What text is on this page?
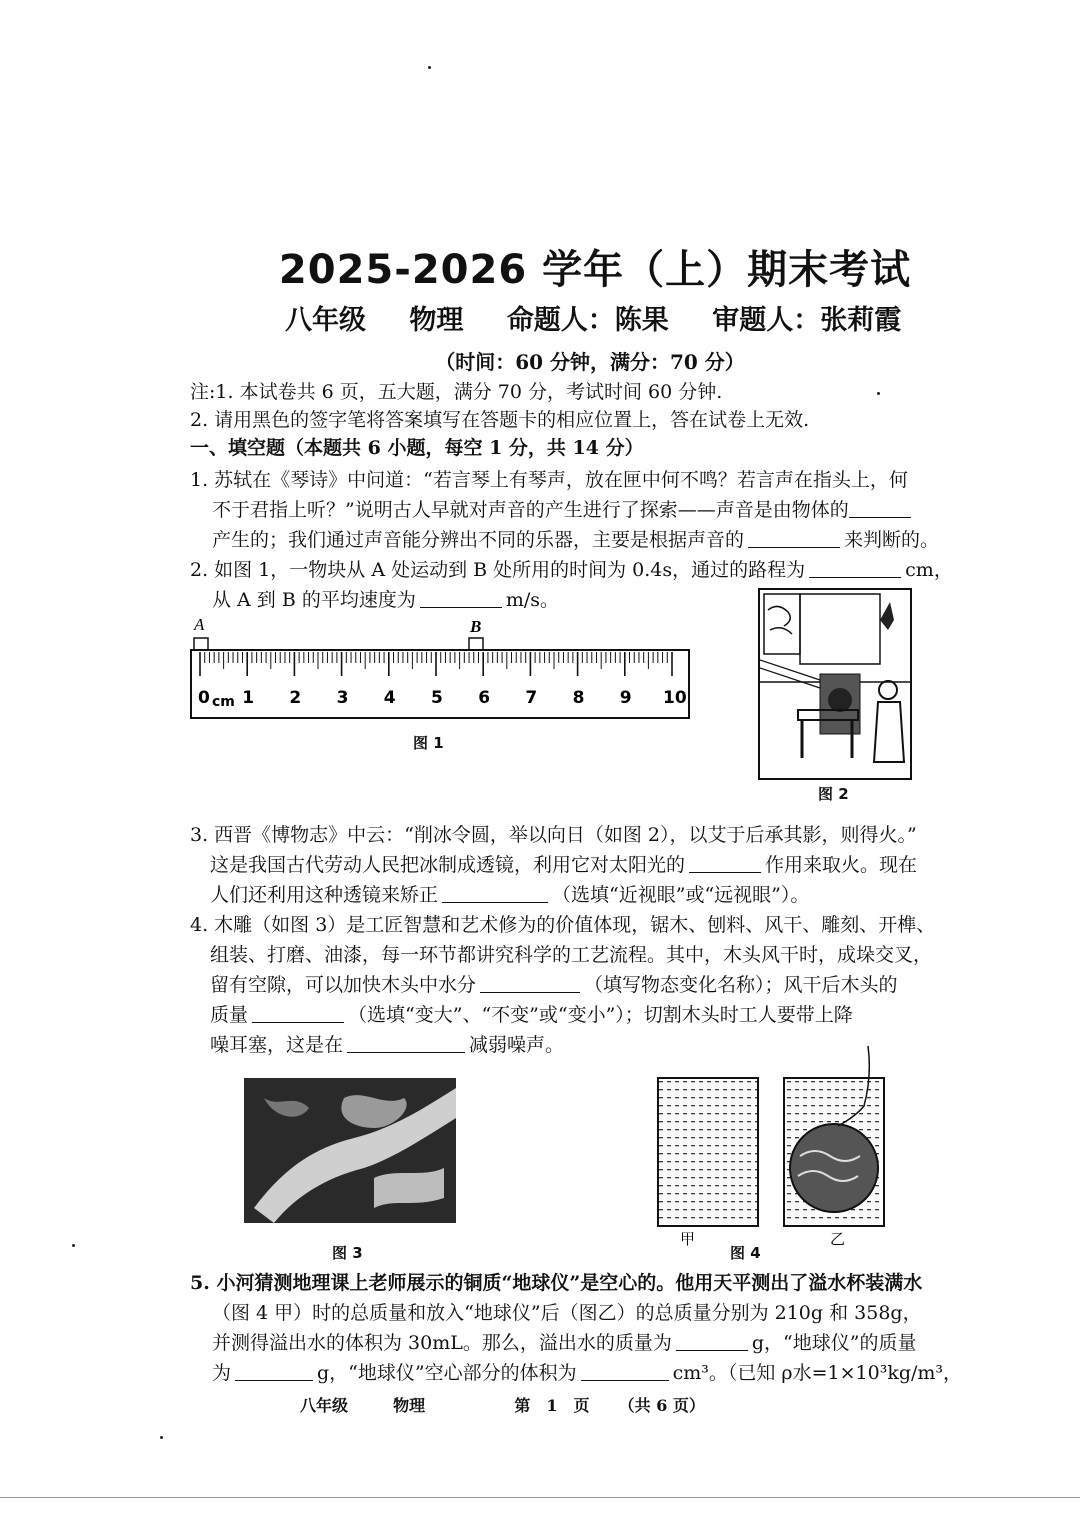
2025-2026 学年（上）期末考试
八年级 物理 命题人：陈果 审题人：张莉霞
（时间：60 分钟，满分：70 分）
注:1. 本试卷共 6 页，五大题，满分 70 分，考试时间 60 分钟.
2. 请用黑色的签字笔将答案填写在答题卡的相应位置上，答在试卷上无效.
一、填空题（本题共 6 小题，每空 1 分，共 14 分）
1. 苏轼在《琴诗》中问道：“若言琴上有琴声，放在匣中何不鸣？若言声在指头上，何
不于君指上听？”说明古人早就对声音的产生进行了探索——声音是由物体的
产生的；我们通过声音能分辨出不同的乐器，主要是根据声音的	来判断的。
2. 如图 1，一物块从 A 处运动到 B 处所用的时间为 0.4s，通过的路程为	cm，
从 A 到 B 的平均速度为	m/s。
A	B
0 1 2 3 4 5 6 7 8 9 10
cm
图 1
图 2
3. 西晋《博物志》中云：“削冰令圆，举以向日（如图 2），以艾于后承其影，则得火。”
这是我国古代劳动人民把冰制成透镜，利用它对太阳光的	作用来取火。现在
人们还利用这种透镜来矫正	（选填“近视眼”或“远视眼”）。
4. 木雕（如图 3）是工匠智慧和艺术修为的价值体现，锯木、刨料、风干、雕刻、开榫、
组装、打磨、油漆，每一环节都讲究科学的工艺流程。其中，木头风干时，成垛交叉，
留有空隙，可以加快木头中水分	（填写物态变化名称）；风干后木头的
质量	（选填“变大”、“不变”或“变小”）；切割木头时工人要带上降
噪耳塞，这是在	减弱噪声。
图 3
甲	乙
图 4
5. 小河猜测地理课上老师展示的铜质“地球仪”是空心的。他用天平测出了溢水杯装满水
（图 4 甲）时的总质量和放入“地球仪”后（图乙）的总质量分别为 210g 和 358g，
并测得溢出水的体积为 30mL。那么，溢出水的质量为	g，“地球仪”的质量
为	g，“地球仪”空心部分的体积为	cm³。（已知 ρ水=1×10³kg/m³，
八年级	物理	第　1　页 （共 6 页）
